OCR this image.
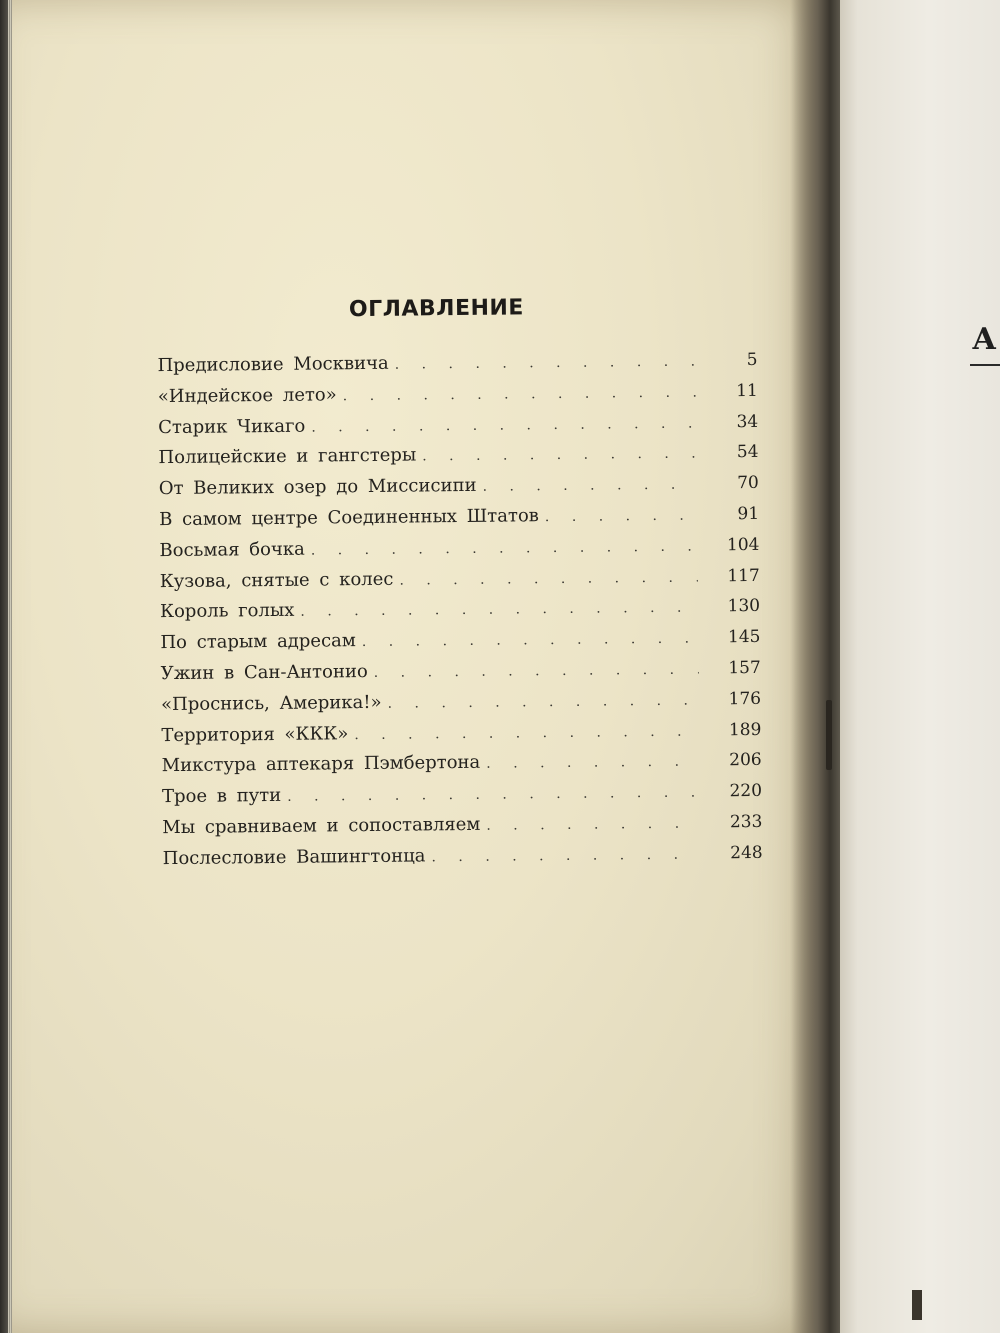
А
ОГЛАВЛЕНИЕ
Предисловие Москвича . . .	5
«Индейское лето» . . .	11
Старик Чикаго . . .	34
Полицейские и гангстеры . . .	54
От Великих озер до Миссисипи . . .	70
В самом центре Соединенных Штатов . . .	91
Восьмая бочка . . .	104
Кузова, снятые с колес . . .	117
Король голых . . .	130
По старым адресам . . .	145
Ужин в Сан-Антонио . . .	157
«Проснись, Америка!» . . .	176
Территория «ККК» . . .	189
Микстура аптекаря Пэмбертона . . .	206
Трое в пути . . .	220
Мы сравниваем и сопоставляем . . .	233
Послесловие Вашингтонца . . .	248
